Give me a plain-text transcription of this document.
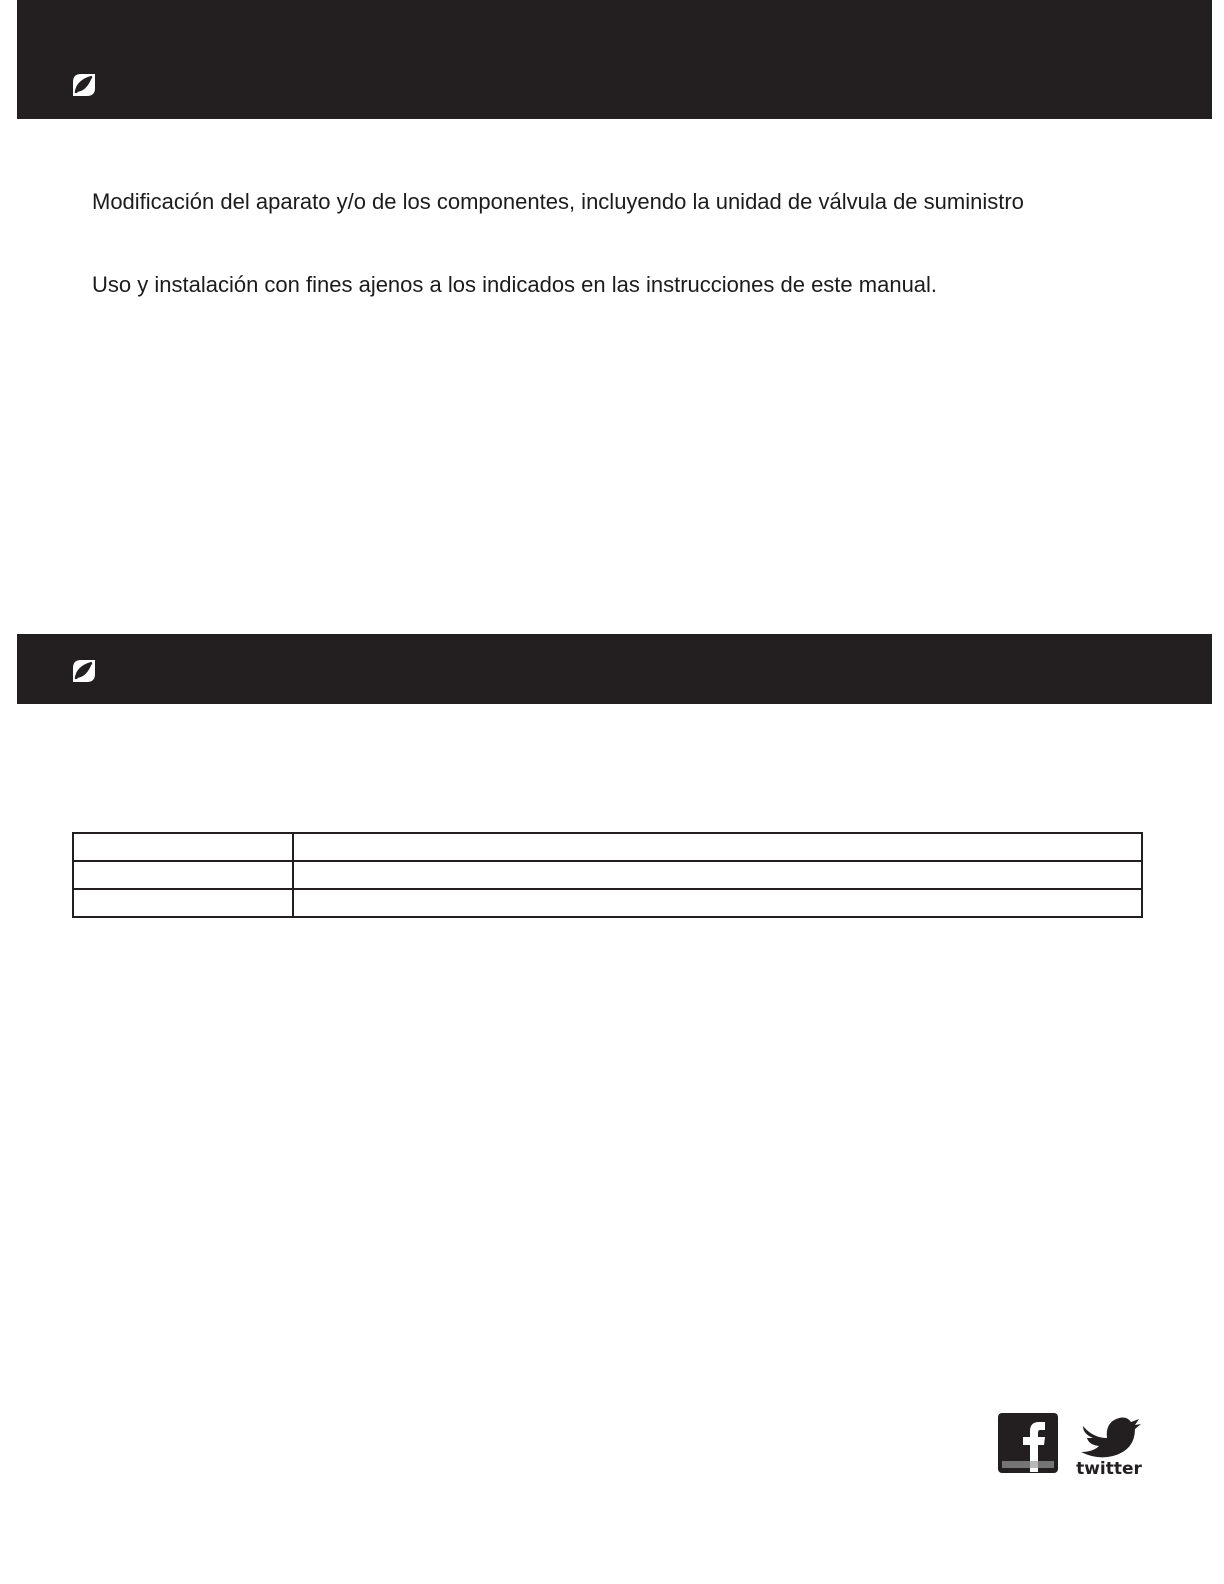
Modificación del aparato y/o de los componentes, incluyendo la unidad de válvula de suministro
Uso y instalación con fines ajenos a los indicados en las instrucciones de este manual.

twitter
